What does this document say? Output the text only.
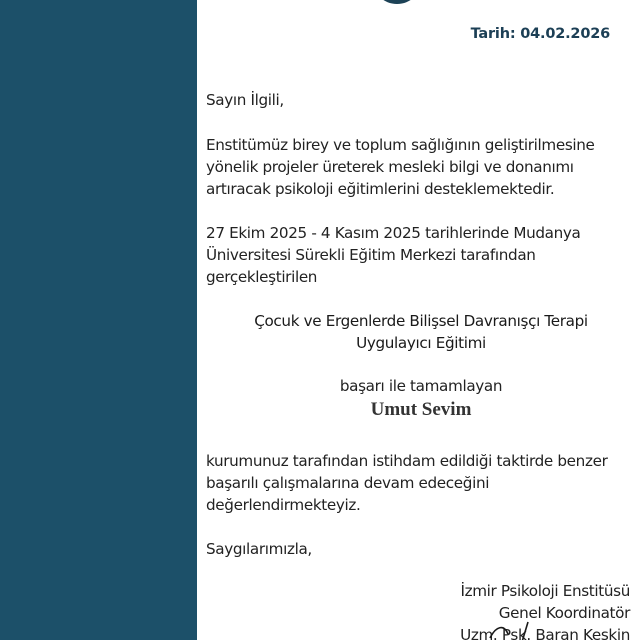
Tarih: 04.02.2026
Sayın İlgili,
Enstitümüz birey ve toplum sağlığının geliştirilmesine
yönelik projeler üreterek mesleki bilgi ve donanımı
artıracak psikoloji eğitimlerini desteklemektedir.
27 Ekim 2025 - 4 Kasım 2025 tarihlerinde Mudanya
Üniversitesi Sürekli Eğitim Merkezi tarafından
gerçekleştirilen
kurumunuz tarafından istihdam edildiği taktirde benzer
başarılı çalışmalarına devam edeceğini
değerlendirmekteyiz.
Saygılarımızla,
Çocuk ve Ergenlerde Bilişsel Davranışçı Terapi
Uygulayıcı Eğitimi
başarı ile tamamlayan
Umut Sevim
İzmir Psikoloji Enstitüsü
Genel Koordinatör
Uzm. Psk. Baran Keskin
